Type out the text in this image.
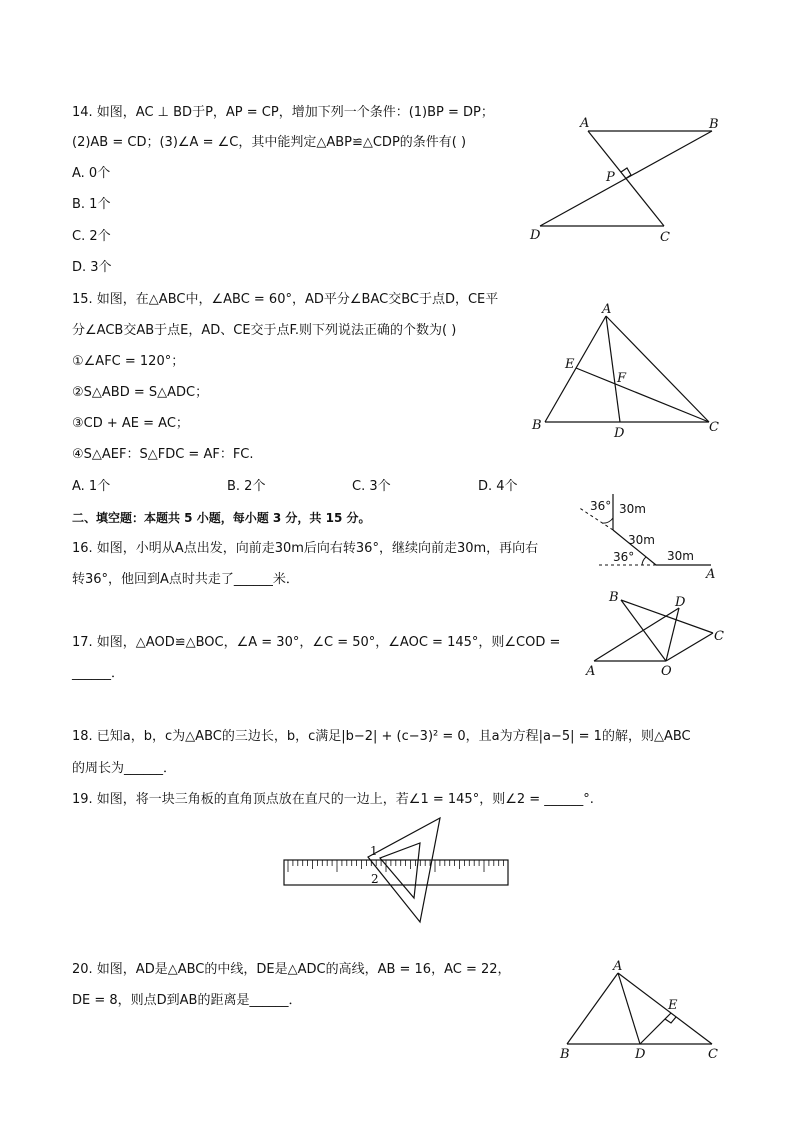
14. 如图，AC ⊥ BD于P，AP = CP，增加下列一个条件：(1)BP = DP；
(2)AB = CD；(3)∠A = ∠C，其中能判定△ABP≌△CDP的条件有( )
A. 0个
B. 1个
C. 2个
D. 3个
A	B
P
D	C
15. 如图，在△ABC中，∠ABC = 60°，AD平分∠BAC交BC于点D，CE平
分∠ACB交AB于点E，AD、CE交于点F.则下列说法正确的个数为( )
①∠AFC = 120°；
②S△ABD = S△ADC；
③CD + AE = AC；
④S△AEF：S△FDC = AF：FC.
A. 1个	B. 2个	C. 3个	D. 4个
A
E
F
B
D	C
二、填空题：本题共 5 小题，每小题 3 分，共 15 分。
16. 如图，小明从A点出发，向前走30m后向右转36°，继续向前走30m，再向右
转36°，他回到A点时共走了______米．
36° 30m
30m
36°	30m
A
17. 如图，△AOD≌△BOC，∠A = 30°，∠C = 50°，∠AOC = 145°，则∠COD =
______．
B	D
C
A	O
18. 已知a，b，c为△ABC的三边长，b，c满足|b−2| + (c−3)² = 0，且a为方程|a−5| = 1的解，则△ABC
的周长为______．
19. 如图，将一块三角板的直角顶点放在直尺的一边上，若∠1 = 145°，则∠2 = ______°.
1
2
20. 如图，AD是△ABC的中线，DE是△ADC的高线，AB = 16，AC = 22，
DE = 8，则点D到AB的距离是______．
A
E
B	D	C
